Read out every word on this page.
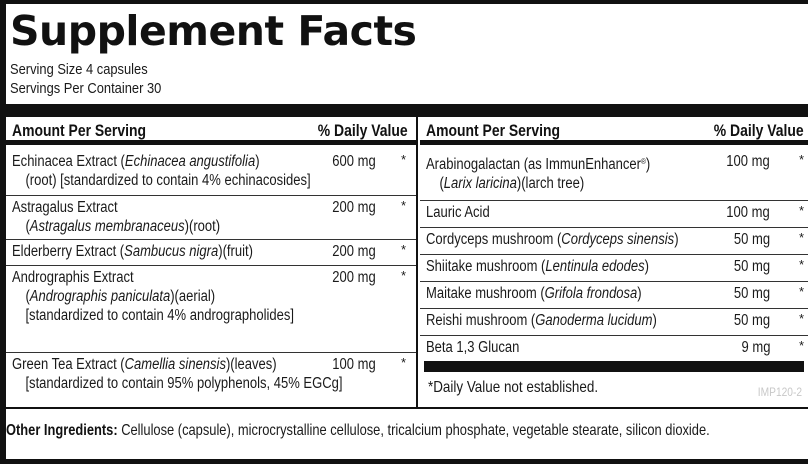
Supplement Facts
Serving Size 4 capsules
Servings Per Container 30
Amount Per Serving	% Daily Value
Echinacea Extract (Echinacea angustifolia)
(root) [standardized to contain 4% echinacosides]
600 mg *
Astragalus Extract
(Astragalus membranaceus)(root)
200 mg *
Elderberry Extract (Sambucus nigra)(fruit)	200 mg *
Andrographis Extract
(Andrographis paniculata)(aerial)
[standardized to contain 4% andrographolides]
200 mg *
Green Tea Extract (Camellia sinensis)(leaves)
[standardized to contain 95% polyphenols, 45% EGCg]
100 mg *
Amount Per Serving	% Daily Value
Arabinogalactan (as ImmunEnhancer®)
(Larix laricina)(larch tree)
100 mg *
Lauric Acid	100 mg *
Cordyceps mushroom (Cordyceps sinensis)	50 mg *
Shiitake mushroom (Lentinula edodes)	50 mg *
Maitake mushroom (Grifola frondosa)	50 mg *
Reishi mushroom (Ganoderma lucidum)	50 mg *
Beta 1,3 Glucan	9 mg *
*Daily Value not established.	IMP120-2
Other Ingredients: Cellulose (capsule), microcrystalline cellulose, tricalcium phosphate, vegetable stearate, silicon dioxide.
